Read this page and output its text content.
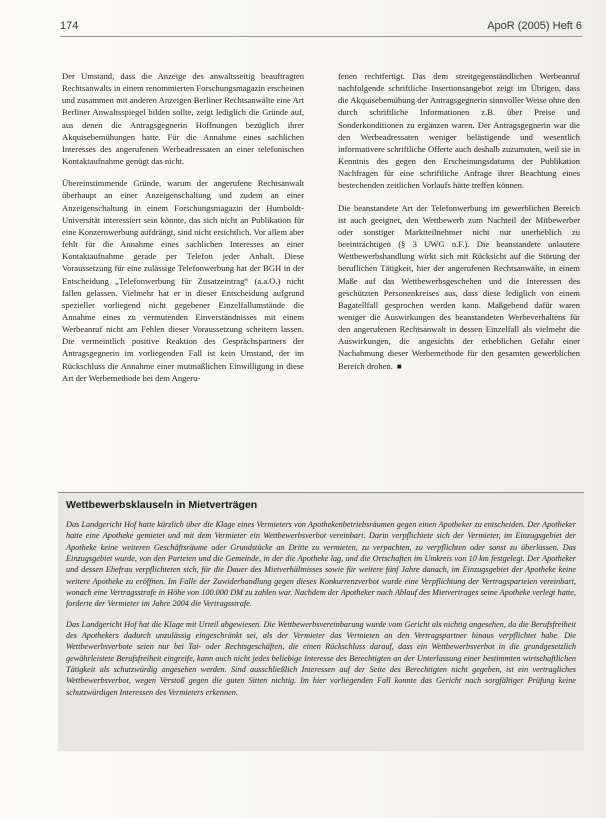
174	ApoR (2005) Heft 6

Der Umstand, dass die Anzeige des anwaltsseitig beauftragten Rechtsanwalts in einem renommierten Forschungsmagazin erscheinen und zusammen mit anderen Anzeigen Berliner Rechtsanwälte eine Art Berliner Anwaltsspiegel bilden sollte, zeigt lediglich die Gründe auf, aus denen die Antragsgegnerin Hoffnungen bezüglich ihrer Akquisebemühungen hatte. Für die Annahme eines sachlichen Interesses des angerufenen Werbeadressaten an einer telefonischen Kontaktaufnahme genügt das nicht.

Übereinstimmende Gründe, warum der angerufene Rechtsanwalt überhaupt an einer Anzeigenschaltung und zudem an einer Anzeigenschaltung in einem Forschungsmagazin der Humboldt-Universität interessiert sein könnte, das sich nicht an Publikation für eine Konzernwerbung aufdrängt, sind nicht ersichtlich. Vor allem aber fehlt für die Annahme eines sachlichen Interesses an einer Kontaktaufnahme gerade per Telefon jeder Anhalt. Diese Voraussetzung für eine zulässige Telefonwerbung hat der BGH in der Entscheidung „Telefonwerbung für Zusatzeintrag“ (a.a.O.) nicht fallen gelassen. Vielmehr hat er in dieser Entscheidung aufgrund spezieller vorliegend nicht gegebener Einzelfallumstände die Annahme eines zu vermutenden Einverständnisses mit einem Werbeanruf nicht am Fehlen dieser Voraussetzung scheitern lassen. Die vermeintlich positive Reaktion des Gesprächspartners der Antragsgegnerin im vorliegenden Fall ist kein Umstand, der im Rückschluss die Annahme einer mutmaßlichen Einwilligung in diese Art der Werbemethode bei dem Angeru-

fenen rechtfertigt. Das dem streitgegenständlichen Werbeanruf nachfolgende schriftliche Insertionsangebot zeigt im Übrigen, dass die Akquisebemühung der Antragsgegnerin sinnvoller Weise ohne den durch schriftliche Informationen z.B. über Preise und Sonderkonditionen zu ergänzen waren. Der Antragsgegnerin war die den Werbeadressaten weniger belästigende und wesentlich informativere schriftliche Offerte auch deshalb zuzumuten, weil sie in Kenntnis des gegen den Erscheinungsdatums der Publikation Nachfragen für eine schriftliche Anfrage ihrer Beachtung eines bestechenden zeitlichen Vorlaufs hätte treffen können.

Die beanstandete Art der Telefonwerbung im gewerblichen Bereich ist auch geeignet, den Wettbewerb zum Nachteil der Mitbewerber oder sonstiger Marktteilnehmer nicht nur unerheblich zu beeinträchtigen (§ 3 UWG n.F.). Die beanstandete unlautere Wettbewerbshandlung wirkt sich mit Rücksicht auf die Störung der beruflichen Tätigkeit, hier der angerufenen Rechtsanwälte, in einem Maße auf das Wettbewerbsgeschehen und die Interessen des geschützten Personenkreises aus, dass diese lediglich von einem Bagatellfall gesprochen werden kann. Maßgebend dafür waren weniger die Auswirkungen des beanstandeten Werbeverhaltens für den angerufenen Rechtsanwalt in dessen Einzelfall als vielmehr die Auswirkungen, die angesichts der erheblichen Gefahr einer Nachahmung dieser Werbemethode für den gesamten gewerblichen Bereich drohen. ■

Wettbewerbsklauseln in Mietverträgen

Das Landgericht Hof hatte kürzlich über die Klage eines Vermieters von Apothekenbetriebsräumen gegen einen Apotheker zu entscheiden. Der Apotheker hatte eine Apotheke gemietet und mit dem Vermieter ein Wettbewerbsverbot vereinbart. Darin verpflichtete sich der Vermieter, im Einzugsgebiet der Apotheke keine weiteren Geschäftsräume oder Grundstücke an Dritte zu vermieten, zu verpachten, zu verpflichten oder sonst zu überlassen. Das Einzugsgebiet wurde, von den Parteien und die Gemeinde, in der die Apotheke lag, und die Ortschaften im Umkreis von 10 km festgelegt. Der Apotheker und dessen Ehefrau verpflichteten sich, für die Dauer des Mietverhältnisses sowie für weitere fünf Jahre danach, im Einzugsgebiet der Apotheke keine weitere Apotheke zu eröffnen. Im Falle der Zuwiderhandlung gegen dieses Konkurrenzverbot wurde eine Verpflichtung der Vertragsparteien vereinbart, wonach eine Vertragsstrafe in Höhe von 100.000 DM zu zahlen war. Nachdem der Apotheker nach Ablauf des Mietvertrages seine Apotheke verlegt hatte, forderte der Vermieter im Jahre 2004 die Vertragsstrafe.

Das Landgericht Hof hat die Klage mit Urteil abgewiesen. Die Wettbewerbsvereinbarung wurde vom Gericht als nichtig angesehen, da die Berufsfreiheit des Apothekers dadurch unzulässig eingeschränkt sei, als der Vermieter das Vermieten an den Vertragspartner hinaus verpflichtet habe. Die Wettbewerbsverbote seien nur bei Tat- oder Rechtsgeschäften, die einen Rückschluss darauf, dass ein Wettbewerbsverbot in die grundgesetzlich gewährleistete Berufsfreiheit eingreife, kann auch nicht jedes beliebige Interesse des Berechtigten an der Unterlassung einer bestimmten wirtschaftlichen Tätigkeit als schutzwürdig angesehen werden. Sind ausschließlich Interessen auf der Seite des Berechtigten nicht gegeben, ist ein vertragliches Wettbewerbsverbot, wegen Verstoß gegen die guten Sitten nichtig. Im hier vorliegenden Fall konnte das Gericht nach sorgfältiger Prüfung keine schutzwürdigen Interessen des Vermieters erkennen.
